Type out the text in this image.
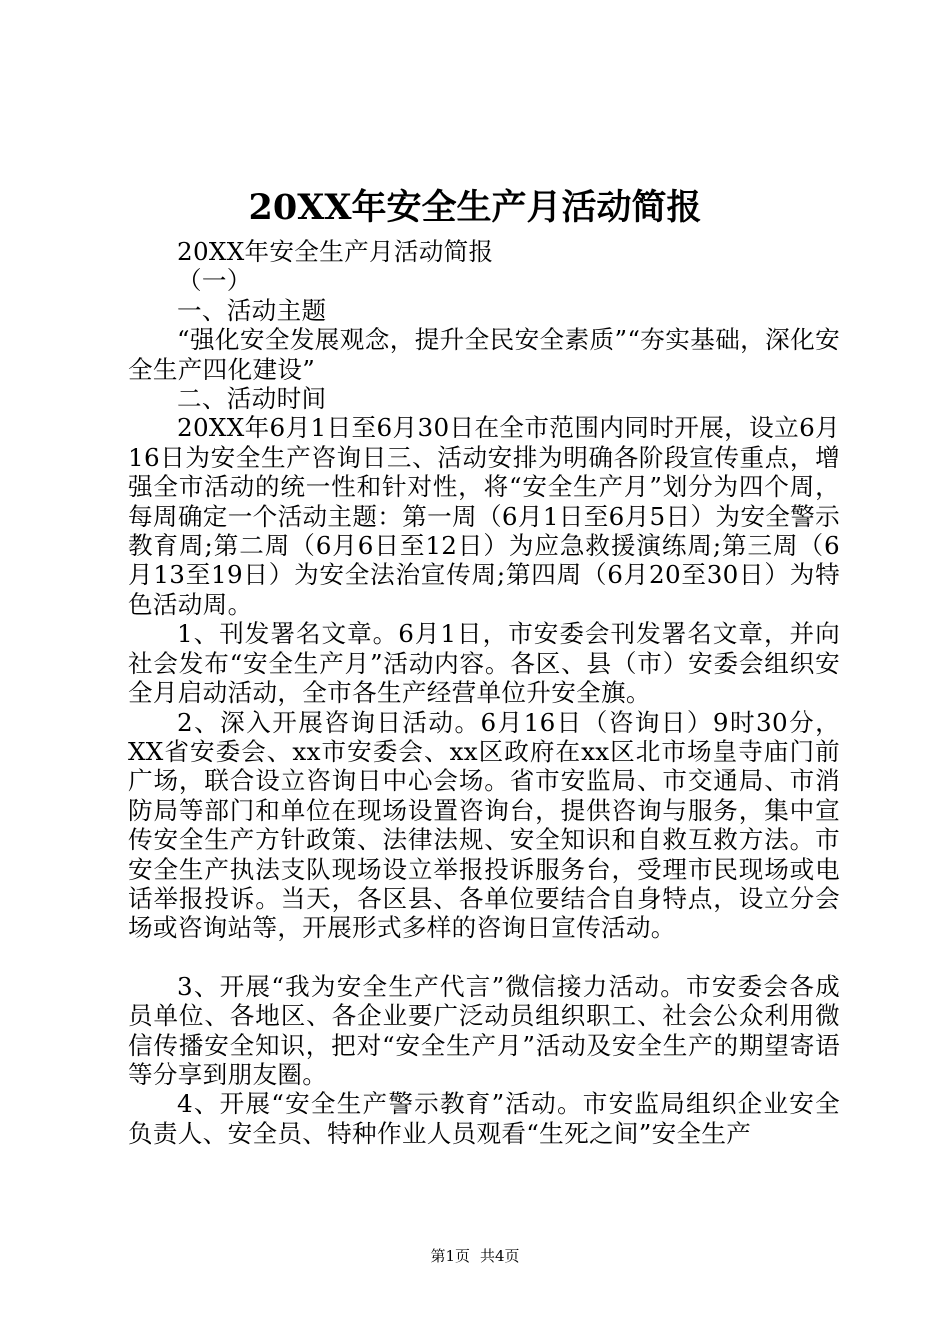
20XX年安全生产月活动简报

20XX年安全生产月活动简报

（一）

一、活动主题

“强化安全发展观念，提升全民安全素质”“夯实基础，深化安全生产四化建设”

二、活动时间

20XX年6月1日至6月30日在全市范围内同时开展，设立6月16日为安全生产咨询日三、活动安排为明确各阶段宣传重点，增强全市活动的统一性和针对性，将“安全生产月”划分为四个周，每周确定一个活动主题：第一周（6月1日至6月5日）为安全警示教育周;第二周（6月6日至12日）为应急救援演练周;第三周（6月13至19日）为安全法治宣传周;第四周（6月20至30日）为特色活动周。

1、刊发署名文章。6月1日，市安委会刊发署名文章，并向社会发布“安全生产月”活动内容。各区、县（市）安委会组织安全月启动活动，全市各生产经营单位升安全旗。

2、深入开展咨询日活动。6月16日（咨询日）9时30分，XX省安委会、xx市安委会、xx区政府在xx区北市场皇寺庙门前广场，联合设立咨询日中心会场。省市安监局、市交通局、市消防局等部门和单位在现场设置咨询台，提供咨询与服务，集中宣传安全生产方针政策、法律法规、安全知识和自救互救方法。市安全生产执法支队现场设立举报投诉服务台，受理市民现场或电话举报投诉。当天，各区县、各单位要结合自身特点，设立分会场或咨询站等，开展形式多样的咨询日宣传活动。

3、开展“我为安全生产代言”微信接力活动。市安委会各成员单位、各地区、各企业要广泛动员组织职工、社会公众利用微信传播安全知识，把对“安全生产月”活动及安全生产的期望寄语等分享到朋友圈。

4、开展“安全生产警示教育”活动。市安监局组织企业安全负责人、安全员、特种作业人员观看“生死之间”安全生产

第1页 共4页
